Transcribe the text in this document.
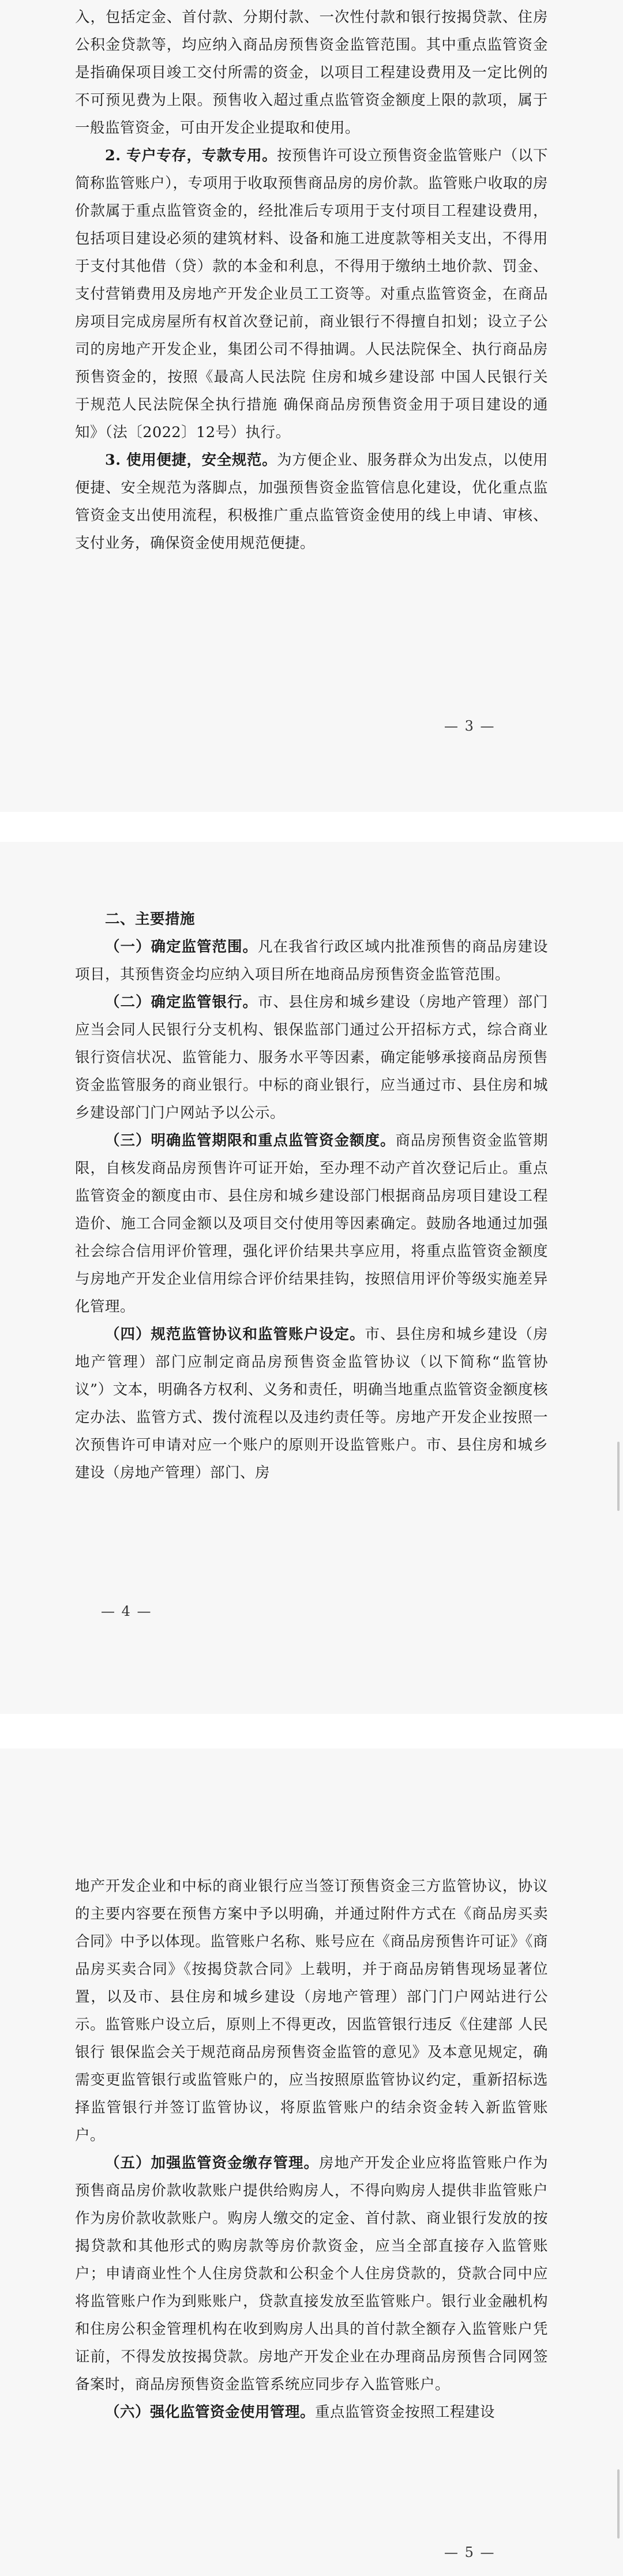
入，包括定金、首付款、分期付款、一次性付款和银行按揭贷款、住房公积金贷款等，均应纳入商品房预售资金监管范围。其中重点监管资金是指确保项目竣工交付所需的资金，以项目工程建设费用及一定比例的不可预见费为上限。预售收入超过重点监管资金额度上限的款项，属于一般监管资金，可由开发企业提取和使用。

2. 专户专存，专款专用。按预售许可设立预售资金监管账户（以下简称监管账户），专项用于收取预售商品房的房价款。监管账户收取的房价款属于重点监管资金的，经批准后专项用于支付项目工程建设费用，包括项目建设必须的建筑材料、设备和施工进度款等相关支出，不得用于支付其他借（贷）款的本金和利息，不得用于缴纳土地价款、罚金、支付营销费用及房地产开发企业员工工资等。对重点监管资金，在商品房项目完成房屋所有权首次登记前，商业银行不得擅自扣划；设立子公司的房地产开发企业，集团公司不得抽调。人民法院保全、执行商品房预售资金的，按照《最高人民法院 住房和城乡建设部 中国人民银行关于规范人民法院保全执行措施 确保商品房预售资金用于项目建设的通知》（法〔2022〕12号）执行。

3. 使用便捷，安全规范。为方便企业、服务群众为出发点，以使用便捷、安全规范为落脚点，加强预售资金监管信息化建设，优化重点监管资金支出使用流程，积极推广重点监管资金使用的线上申请、审核、支付业务，确保资金使用规范便捷。

— 3 —

二、主要措施

（一）确定监管范围。凡在我省行政区域内批准预售的商品房建设项目，其预售资金均应纳入项目所在地商品房预售资金监管范围。

（二）确定监管银行。市、县住房和城乡建设（房地产管理）部门应当会同人民银行分支机构、银保监部门通过公开招标方式，综合商业银行资信状况、监管能力、服务水平等因素，确定能够承接商品房预售资金监管服务的商业银行。中标的商业银行，应当通过市、县住房和城乡建设部门门户网站予以公示。

（三）明确监管期限和重点监管资金额度。商品房预售资金监管期限，自核发商品房预售许可证开始，至办理不动产首次登记后止。重点监管资金的额度由市、县住房和城乡建设部门根据商品房项目建设工程造价、施工合同金额以及项目交付使用等因素确定。鼓励各地通过加强社会综合信用评价管理，强化评价结果共享应用，将重点监管资金额度与房地产开发企业信用综合评价结果挂钩，按照信用评价等级实施差异化管理。

（四）规范监管协议和监管账户设定。市、县住房和城乡建设（房地产管理）部门应制定商品房预售资金监管协议（以下简称“监管协议”）文本，明确各方权利、义务和责任，明确当地重点监管资金额度核定办法、监管方式、拨付流程以及违约责任等。房地产开发企业按照一次预售许可申请对应一个账户的原则开设监管账户。市、县住房和城乡建设（房地产管理）部门、房

— 4 —

地产开发企业和中标的商业银行应当签订预售资金三方监管协议，协议的主要内容要在预售方案中予以明确，并通过附件方式在《商品房买卖合同》中予以体现。监管账户名称、账号应在《商品房预售许可证》《商品房买卖合同》《按揭贷款合同》上载明，并于商品房销售现场显著位置，以及市、县住房和城乡建设（房地产管理）部门门户网站进行公示。监管账户设立后，原则上不得更改，因监管银行违反《住建部 人民银行 银保监会关于规范商品房预售资金监管的意见》及本意见规定，确需变更监管银行或监管账户的，应当按照原监管协议约定，重新招标选择监管银行并签订监管协议，将原监管账户的结余资金转入新监管账户。

（五）加强监管资金缴存管理。房地产开发企业应将监管账户作为预售商品房价款收款账户提供给购房人，不得向购房人提供非监管账户作为房价款收款账户。购房人缴交的定金、首付款、商业银行发放的按揭贷款和其他形式的购房款等房价款资金，应当全部直接存入监管账户；申请商业性个人住房贷款和公积金个人住房贷款的，贷款合同中应将监管账户作为到账账户，贷款直接发放至监管账户。银行业金融机构和住房公积金管理机构在收到购房人出具的首付款全额存入监管账户凭证前，不得发放按揭贷款。房地产开发企业在办理商品房预售合同网签备案时，商品房预售资金监管系统应同步存入监管账户。

（六）强化监管资金使用管理。重点监管资金按照工程建设

— 5 —
